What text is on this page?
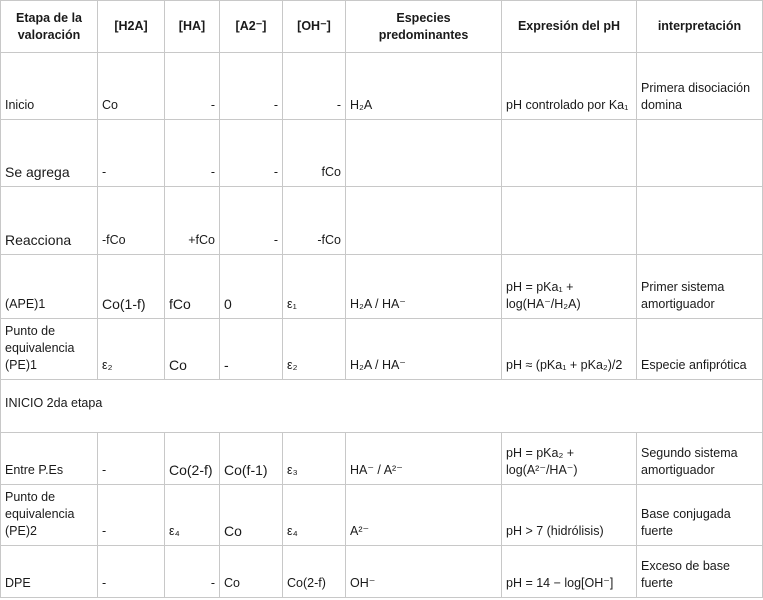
Etapa de la valoración	[H2A]	[HA]	[A2⁻]	[OH⁻]	Especies predominantes	Expresión del pH	interpretación
Inicio	Co	-	-	-	H₂A	pH controlado por Ka₁	Primera disociación domina
Se agrega	-	-	-	fCo			
Reacciona	-fCo	+fCo	-	-fCo			
(APE)1	Co(1-f)	fCo	0	ε₁	H₂A / HA⁻	pH = pKa₁ + log(HA⁻/H₂A)	Primer sistema amortiguador
Punto de equivalencia (PE)1	ε₂	Co	-	ε₂	H₂A / HA⁻	pH ≈ (pKa₁ + pKa₂)/2	Especie anfiprótica
INICIO 2da etapa							
Entre P.Es	-	Co(2-f)	Co(f-1)	ε₃	HA⁻ / A²⁻	pH = pKa₂ + log(A²⁻/HA⁻)	Segundo sistema amortiguador
Punto de equivalencia (PE)2	-	ε₄	Co	ε₄	A²⁻	pH > 7 (hidrólisis)	Base conjugada fuerte
DPE	-	-	Co	Co(2-f)	OH⁻	pH = 14 − log[OH⁻]	Exceso de base fuerte
